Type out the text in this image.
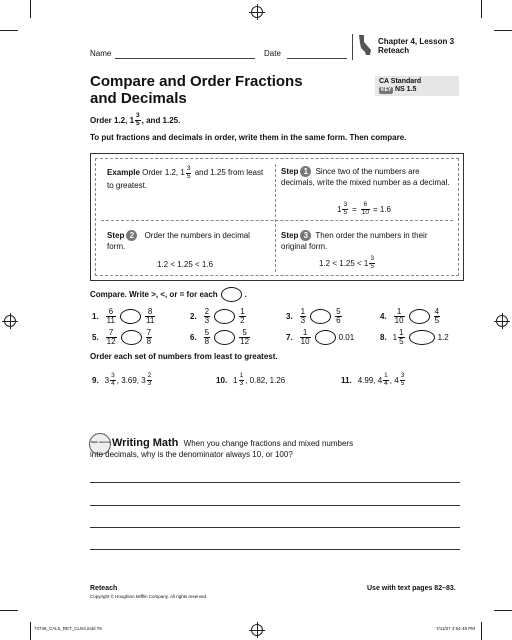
Name	Date
Chapter 4, Lesson 3
Reteach
Compare and Order Fractions
and Decimals
CA Standard
KEY NS 1.5
Order 1.2, $1 \frac{3}{5}$ , and 1.25.
To put fractions and decimals in order, write them in the same form. Then compare.
Example Order 1.2, $1 \frac{3}{5}$ and 1.25 from least to greatest.
Step 1 Since two of the numbers are decimals, write the mixed number as a decimal.
$1 \frac{3}{5} = \frac{6}{10} = 1.6$
Step 2 Order the numbers in decimal form.
1.2 < 1.25 < 1.6
Step 3 Then order the numbers in their original form.
$1.2 < 1.25 < 1 \frac{3}{5}$
Compare. Write >, <, or = for each	.
1. $\frac{6}{11}$	$\frac{8}{11}$	2. $\frac{2}{3}$	$\frac{1}{2}$	3. $\frac{1}{3}$	$\frac{5}{6}$	4. $\frac{1}{10}$	$\frac{4}{5}$
5. $\frac{7}{12}$	$\frac{7}{8}$	6. $\frac{5}{8}$	$\frac{5}{12}$	7. $\frac{1}{10}$	0.01	8. $1 \frac{1}{5}$	1.2
Order each set of numbers from least to greatest.
9. $3 \frac{3}{4}$ , 3.69, $3 \frac{2}{3}$	10. $1 \frac{1}{3}$ , 0.82, 1.26	11. 4.99, $4 \frac{1}{4}$ , $4 \frac{3}{5}$
Math Journal Writing Math When you change fractions and mixed numbers
into decimals, why is the denominator always 10, or 100?
Reteach
Copyright © Houghton Mifflin Company. All rights reserved.
Use with text pages 82–83.
73745_CAL5_RET_CLN3.indd 78	7/11/07 4:54:45 PM
